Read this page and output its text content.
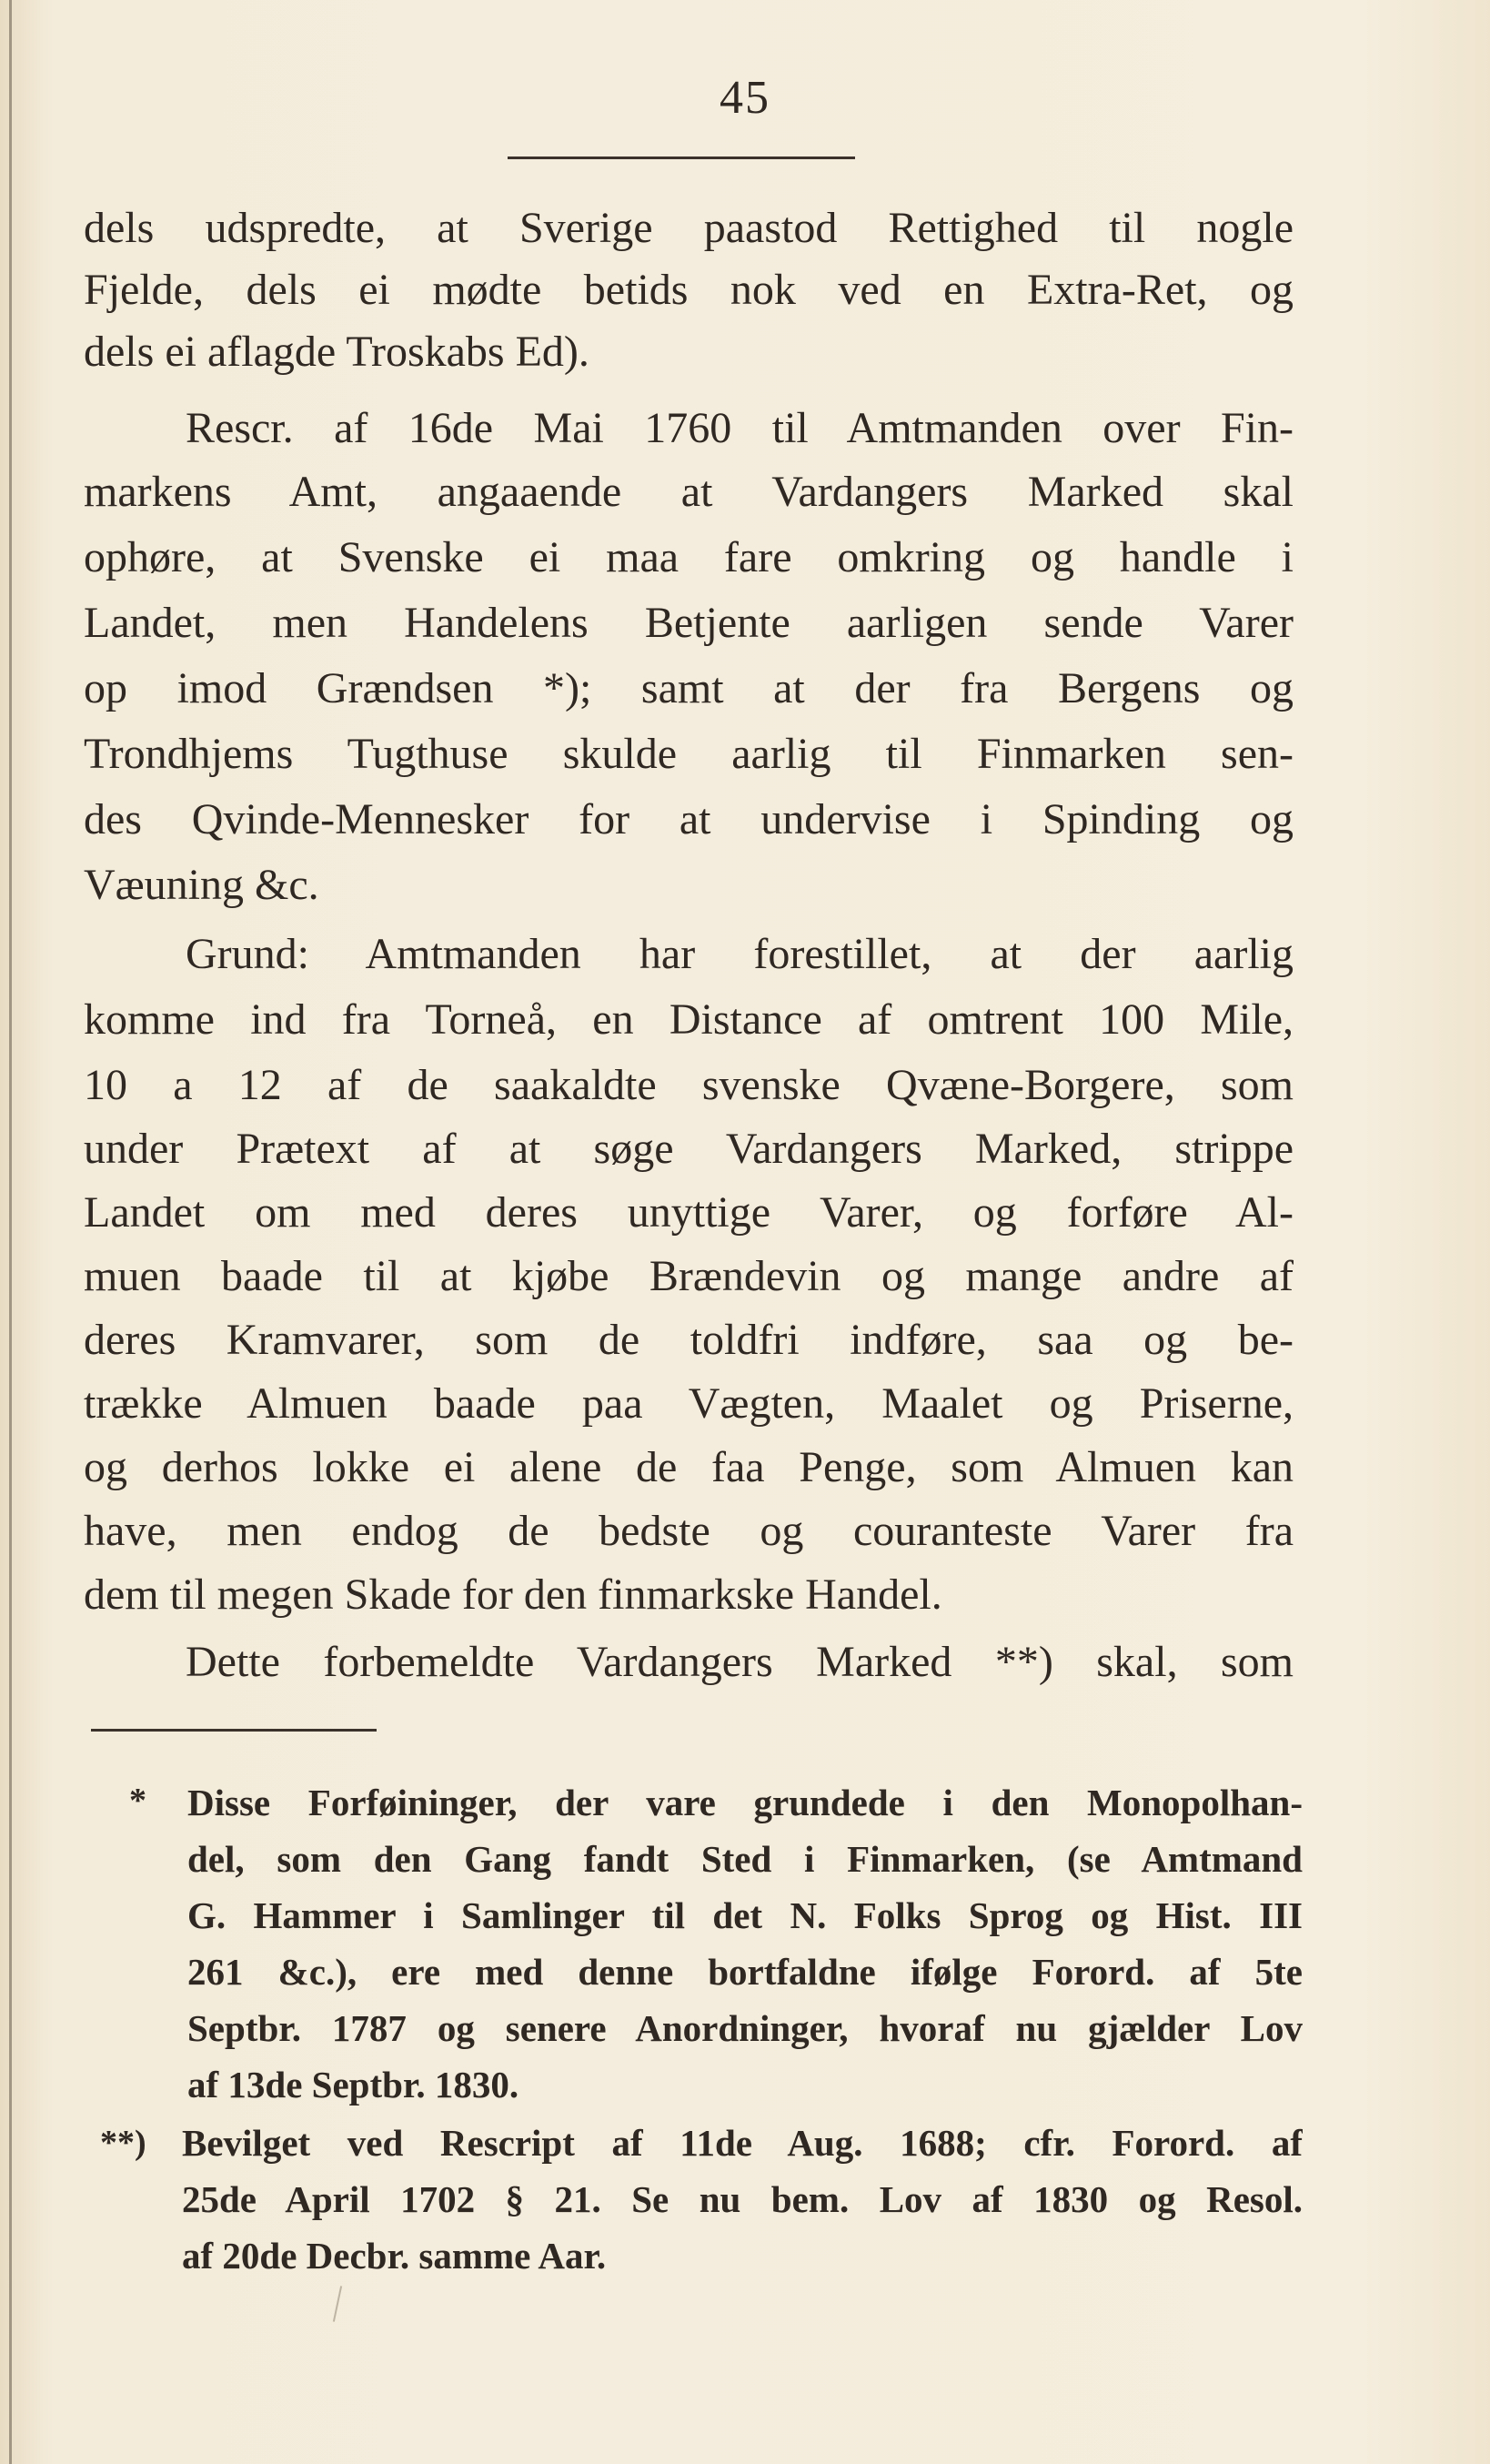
45
dels udspredte, at Sverige paastod Rettighed til nogle
Fjelde, dels ei mødte betids nok ved en Extra-Ret, og
dels ei aflagde Troskabs Ed).
Rescr. af 16de Mai 1760 til Amtmanden over Fin-
markens Amt, angaaende at Vardangers Marked skal
ophøre, at Svenske ei maa fare omkring og handle i
Landet, men Handelens Betjente aarligen sende Varer
op imod Grændsen *); samt at der fra Bergens og
Trondhjems Tugthuse skulde aarlig til Finmarken sen-
des Qvinde-Mennesker for at undervise i Spinding og
Væuning &c.
Grund: Amtmanden har forestillet, at der aarlig
komme ind fra Torneå, en Distance af omtrent 100 Mile,
10 a 12 af de saakaldte svenske Qvæne-Borgere, som
under Prætext af at søge Vardangers Marked, strippe
Landet om med deres unyttige Varer, og forføre Al-
muen baade til at kjøbe Brændevin og mange andre af
deres Kramvarer, som de toldfri indføre, saa og be-
trække Almuen baade paa Vægten, Maalet og Priserne,
og derhos lokke ei alene de faa Penge, som Almuen kan
have, men endog de bedste og couranteste Varer fra
dem til megen Skade for den finmarkske Handel.
Dette forbemeldte Vardangers Marked **) skal, som
* Disse Forføininger, der vare grundede i den Monopolhan-
del, som den Gang fandt Sted i Finmarken, (se Amtmand
G. Hammer i Samlinger til det N. Folks Sprog og Hist. III
261 &c.), ere med denne bortfaldne ifølge Forord. af 5te
Septbr. 1787 og senere Anordninger, hvoraf nu gjælder Lov
af 13de Septbr. 1830.
**) Bevilget ved Rescript af 11de Aug. 1688; cfr. Forord. af
25de April 1702 § 21. Se nu bem. Lov af 1830 og Resol.
af 20de Decbr. samme Aar.
